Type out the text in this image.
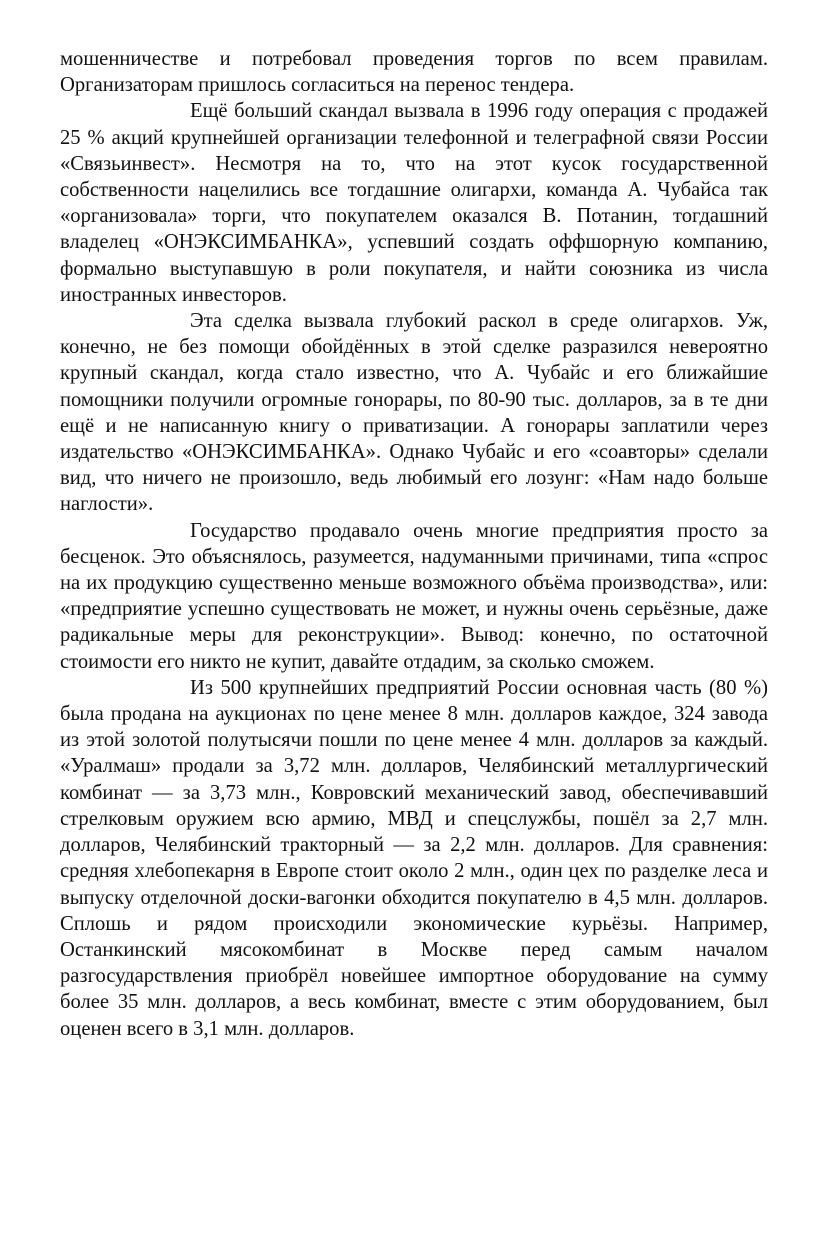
мошенничестве и потребовал проведения торгов по всем правилам. Организаторам пришлось согласиться на перенос тендера.

Ещё больший скандал вызвала в 1996 году операция с продажей 25 % акций крупнейшей организации телефонной и телеграфной связи России «Связьинвест». Несмотря на то, что на этот кусок государственной собственности нацелились все тогдашние олигархи, команда А. Чубайса так «организовала» торги, что покупателем оказался В. Потанин, тогдашний владелец «ОНЭКСИМБАНКА», успевший создать оффшорную компанию, формально выступавшую в роли покупателя, и найти союзника из числа иностранных инвесторов.

Эта сделка вызвала глубокий раскол в среде олигархов. Уж, конечно, не без помощи обойдённых в этой сделке разразился невероятно крупный скандал, когда стало известно, что А. Чубайс и его ближайшие помощники получили огромные гонорары, по 80-90 тыс. долларов, за в те дни ещё и не написанную книгу о приватизации. А гонорары заплатили через издательство «ОНЭКСИМБАНКА». Однако Чубайс и его «соавторы» сделали вид, что ничего не произошло, ведь любимый его лозунг: «Нам надо больше наглости».

Государство продавало очень многие предприятия просто за бесценок. Это объяснялось, разумеется, надуманными причинами, типа «спрос на их продукцию существенно меньше возможного объёма производства», или: «предприятие успешно существовать не может, и нужны очень серьёзные, даже радикальные меры для реконструкции». Вывод: конечно, по остаточной стоимости его никто не купит, давайте отдадим, за сколько сможем.

Из 500 крупнейших предприятий России основная часть (80 %) была продана на аукционах по цене менее 8 млн. долларов каждое, 324 завода из этой золотой полутысячи пошли по цене менее 4 млн. долларов за каждый. «Уралмаш» продали за 3,72 млн. долларов, Челябинский металлургический комбинат — за 3,73 млн., Ковровский механический завод, обеспечивавший стрелковым оружием всю армию, МВД и спецслужбы, пошёл за 2,7 млн. долларов, Челябинский тракторный — за 2,2 млн. долларов. Для сравнения: средняя хлебопекарня в Европе стоит около 2 млн., один цех по разделке леса и выпуску отделочной доски-вагонки обходится покупателю в 4,5 млн. долларов. Сплошь и рядом происходили экономические курьёзы. Например, Останкинский мясокомбинат в Москве перед самым началом разгосударствления приобрёл новейшее импортное оборудование на сумму более 35 млн. долларов, а весь комбинат, вместе с этим оборудованием, был оценен всего в 3,1 млн. долларов.
